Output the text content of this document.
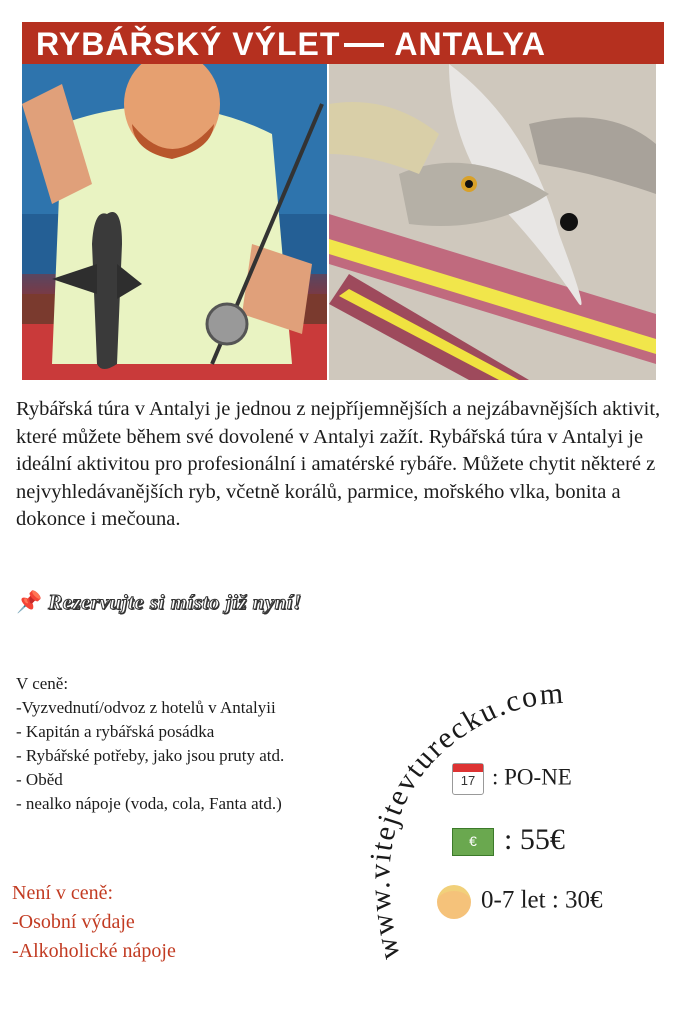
RYBÁŘSKÝ VÝLET ANTALYA

Rybářská túra v Antalyi je jednou z nejpříjemnějších a nejzábavnějších aktivit, které můžete během své dovolené v Antalyi zažít. Rybářská túra v Antalyi je ideální aktivitou pro profesionální i amatérské rybáře. Můžete chytit některé z nejvyhledávanějších ryb, včetně korálů, parmice, mořského vlka, bonita a dokonce i mečouna.

📌 Rezervujte si místo již nyní!
V ceně:
-Vyzvednutí/odvoz z hotelů v Antalyii
- Kapitán a rybářská posádka
- Rybářské potřeby, jako jsou pruty atd.
- Oběd
- nealko nápoje (voda, cola, Fanta atd.)
Není v ceně:
-Osobní výdaje
-Alkoholické nápoje	www.vitejtevturecku.com
17 : PO-NE
€ : 55€
0-7 let : 30€
